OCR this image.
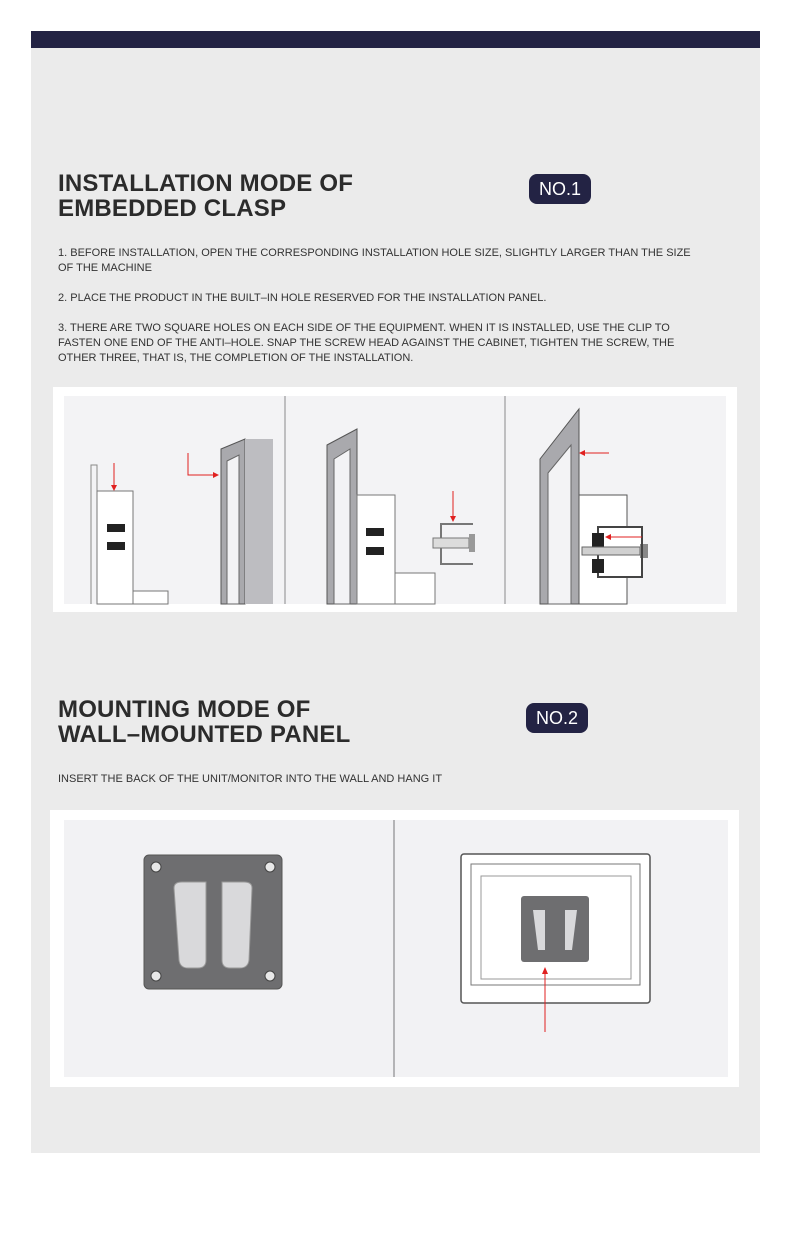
INSTALLATION MODE OF
EMBEDDED CLASP
NO.1
1. BEFORE INSTALLATION, OPEN THE CORRESPONDING INSTALLATION HOLE SIZE, SLIGHTLY LARGER THAN THE SIZE OF THE MACHINE
2. PLACE THE PRODUCT IN THE BUILT–IN HOLE RESERVED FOR THE INSTALLATION PANEL.
3. THERE ARE TWO SQUARE HOLES ON EACH SIDE OF THE EQUIPMENT. WHEN IT IS INSTALLED, USE THE CLIP TO FASTEN ONE END OF THE ANTI–HOLE. SNAP THE SCREW HEAD AGAINST THE CABINET, TIGHTEN THE SCREW, THE OTHER THREE, THAT IS, THE COMPLETION OF THE INSTALLATION.
MOUNTING MODE OF
WALL–MOUNTED PANEL
NO.2
INSERT THE BACK OF THE UNIT/MONITOR INTO THE WALL AND HANG IT
